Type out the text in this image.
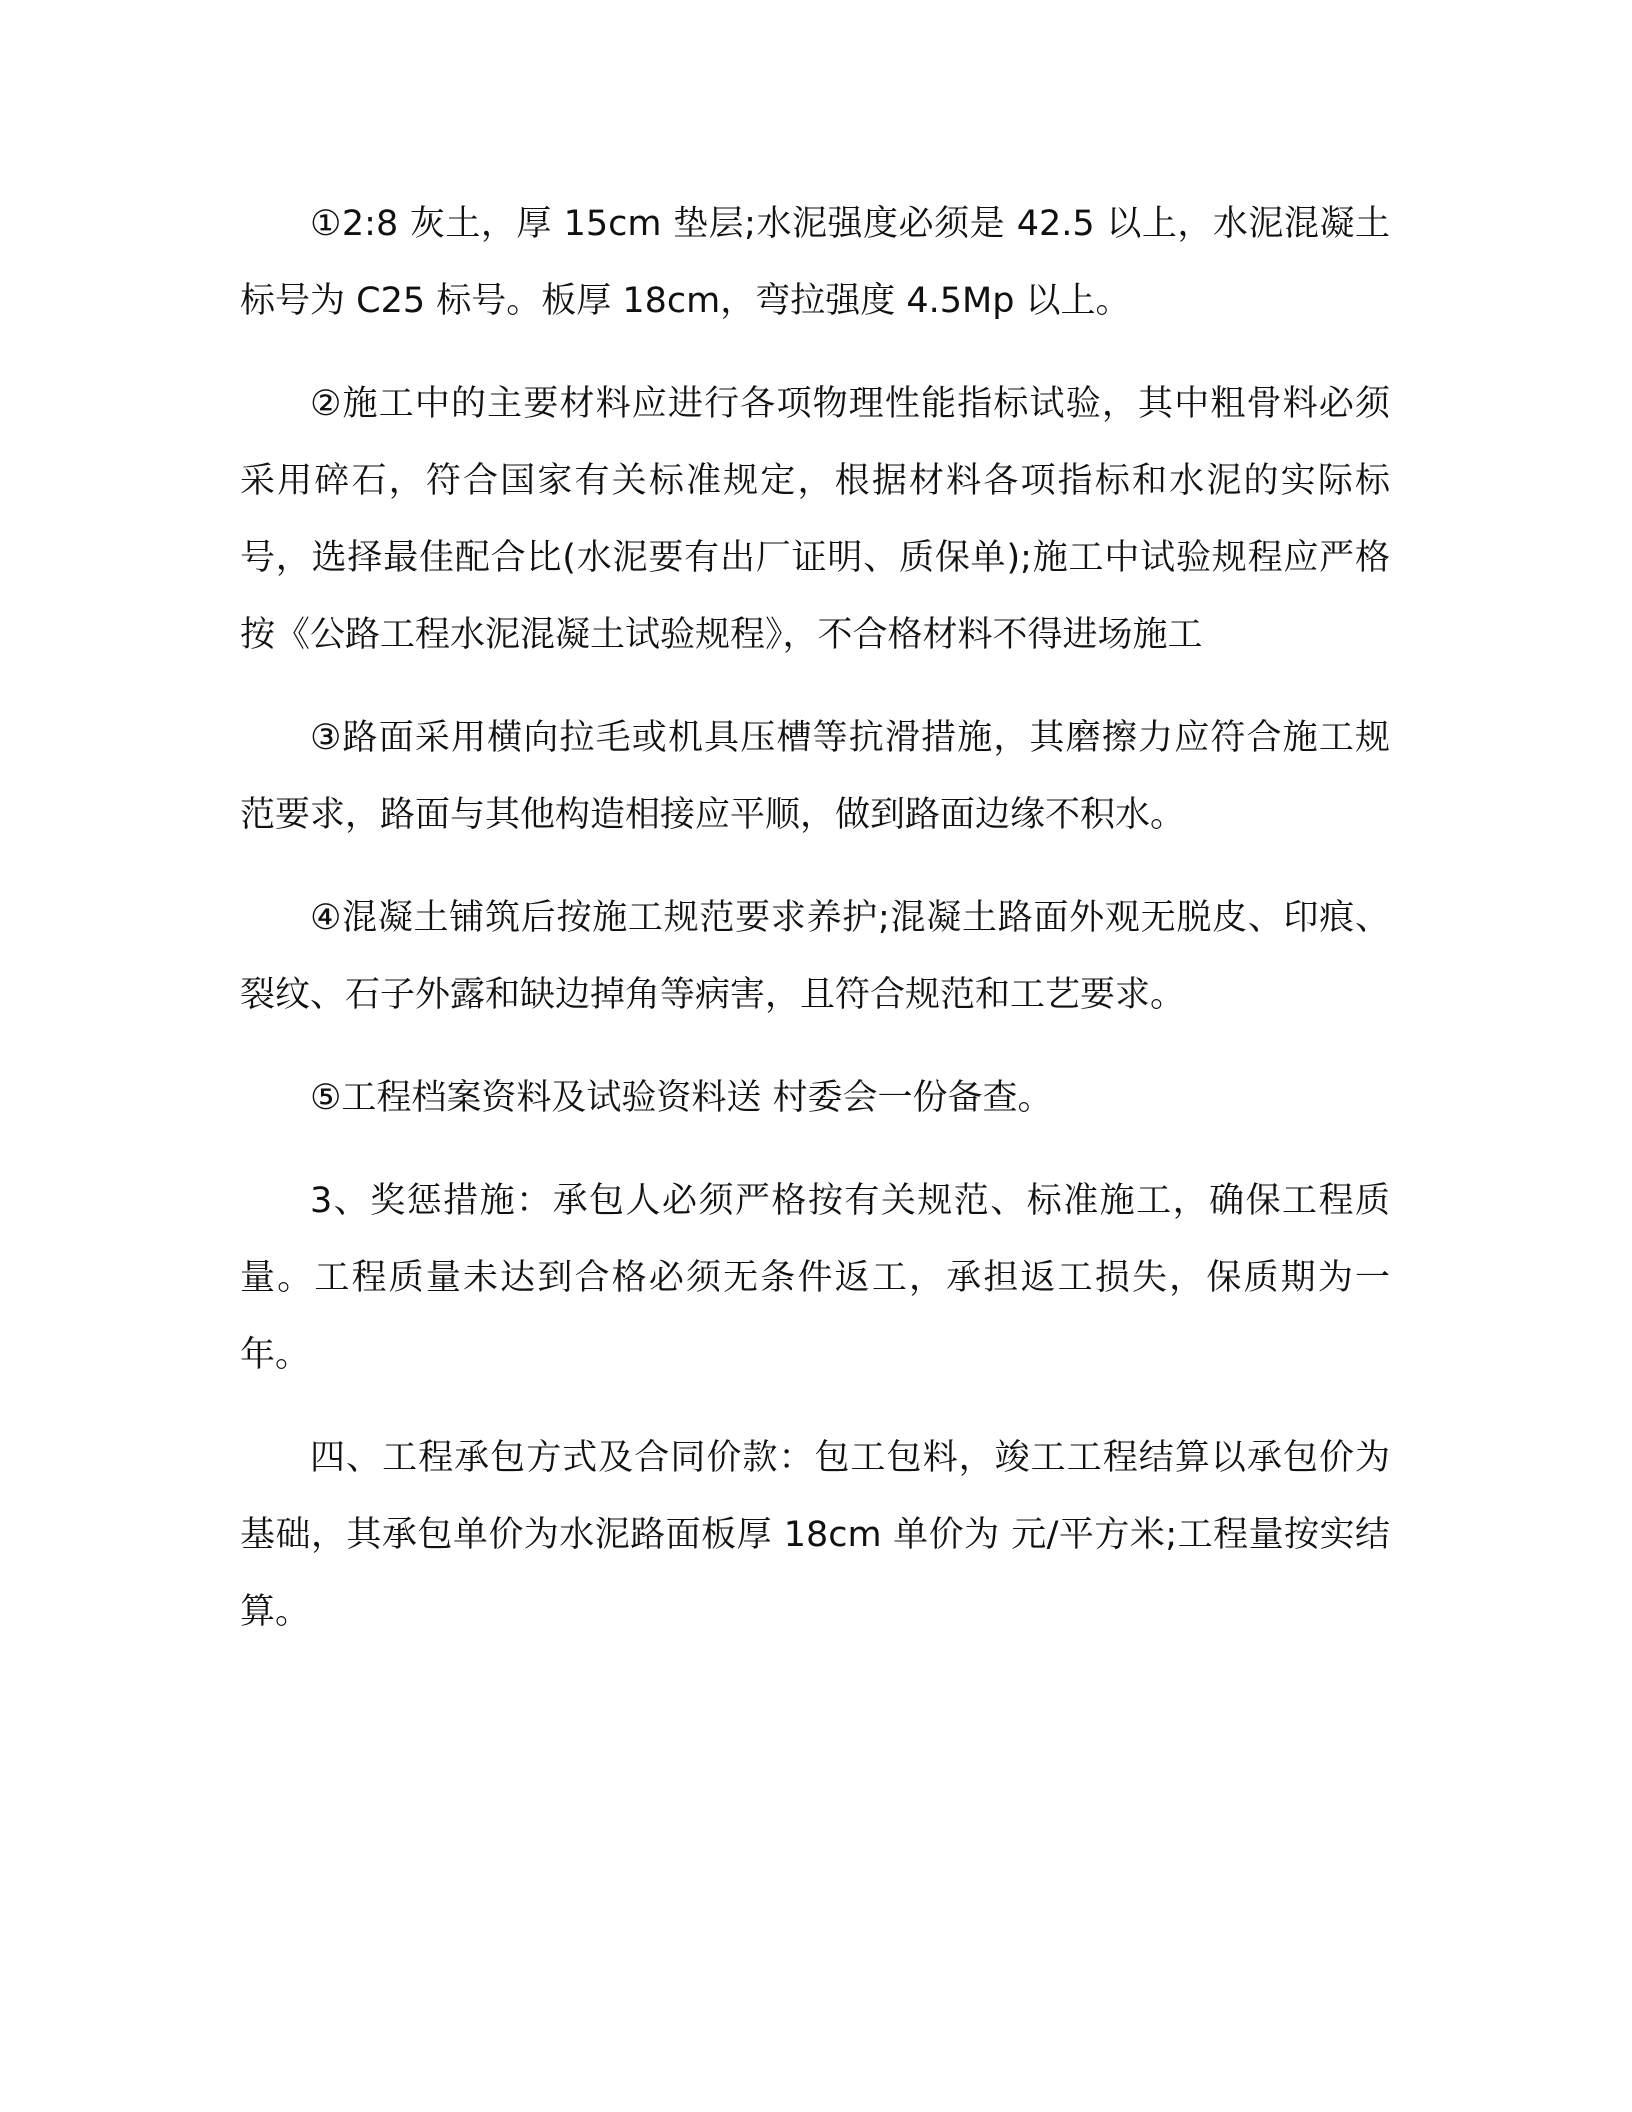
①2:8 灰土，厚 15cm 垫层;水泥强度必须是 42.5 以上，水泥混凝土标号为 C25 标号。板厚 18cm，弯拉强度 4.5Mp 以上。

②施工中的主要材料应进行各项物理性能指标试验，其中粗骨料必须采用碎石，符合国家有关标准规定，根据材料各项指标和水泥的实际标号，选择最佳配合比(水泥要有出厂证明、质保单);施工中试验规程应严格按《公路工程水泥混凝土试验规程》，不合格材料不得进场施工

③路面采用横向拉毛或机具压槽等抗滑措施，其磨擦力应符合施工规范要求，路面与其他构造相接应平顺，做到路面边缘不积水。

④混凝土铺筑后按施工规范要求养护;混凝土路面外观无脱皮、印痕、裂纹、石子外露和缺边掉角等病害，且符合规范和工艺要求。

⑤工程档案资料及试验资料送 村委会一份备查。

3、奖惩措施：承包人必须严格按有关规范、标准施工，确保工程质量。工程质量未达到合格必须无条件返工，承担返工损失，保质期为一年。

四、工程承包方式及合同价款：包工包料，竣工工程结算以承包价为基础，其承包单价为水泥路面板厚 18cm 单价为 元/平方米;工程量按实结算。
